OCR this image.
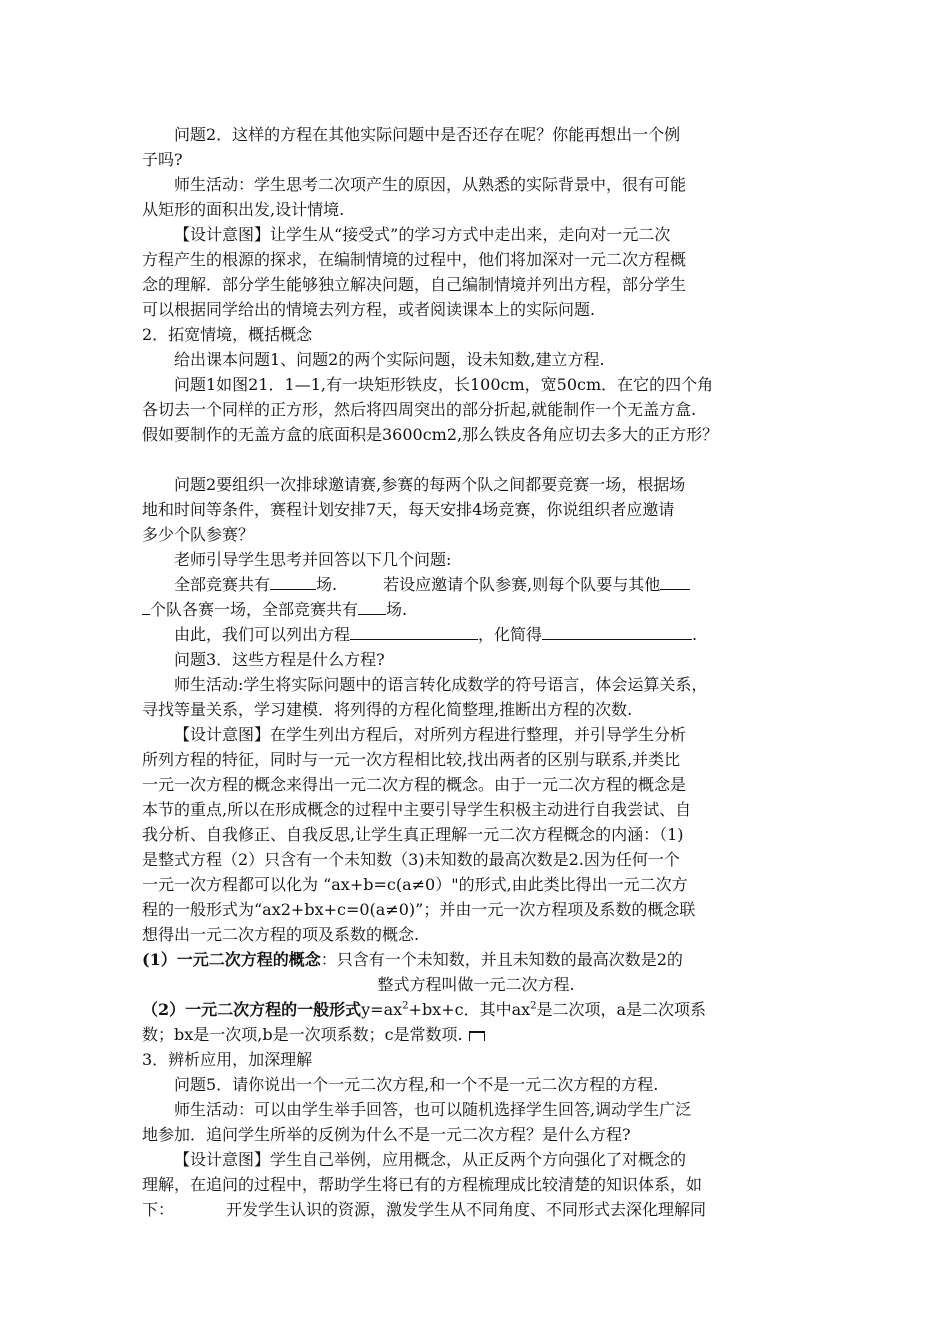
问题2．这样的方程在其他实际问题中是否还存在呢？你能再想出一个例
子吗?
师生活动：学生思考二次项产生的原因，从熟悉的实际背景中，很有可能
从矩形的面积出发,设计情境.
【设计意图】让学生从“接受式”的学习方式中走出来，走向对一元二次
方程产生的根源的探求，在编制情境的过程中，他们将加深对一元二次方程概
念的理解．部分学生能够独立解决问题，自己编制情境并列出方程，部分学生
可以根据同学给出的情境去列方程，或者阅读课本上的实际问题.
2．拓宽情境，概括概念
给出课本问题1、问题2的两个实际问题，设未知数,建立方程.
问题1如图21．1—1,有一块矩形铁皮，长100cm，宽50cm．在它的四个角
各切去一个同样的正方形，然后将四周突出的部分折起,就能制作一个无盖方盒.
假如要制作的无盖方盒的底面积是3600cm2,那么铁皮各角应切去多大的正方形？
问题2要组织一次排球邀请赛,参赛的每两个队之间都要竞赛一场，根据场
地和时间等条件，赛程计划安排7天，每天安排4场竞赛，你说组织者应邀请
多少个队参赛？
老师引导学生思考并回答以下几个问题:
全部竞赛共有	场.	若设应邀请个队参赛,则每个队要与其他
个队各赛一场，全部竞赛共有 场.
由此，我们可以列出方程	，化简得	.
问题3．这些方程是什么方程?
师生活动:学生将实际问题中的语言转化成数学的符号语言，体会运算关系，
寻找等量关系，学习建模．将列得的方程化简整理,推断出方程的次数.
【设计意图】在学生列出方程后，对所列方程进行整理，并引导学生分析
所列方程的特征，同时与一元一次方程相比较,找出两者的区别与联系,并类比
一元一次方程的概念来得出一元二次方程的概念。由于一元二次方程的概念是
本节的重点,所以在形成概念的过程中主要引导学生积极主动进行自我尝试、自
我分析、自我修正、自我反思,让学生真正理解一元二次方程概念的内涵：（1)
是整式方程（2）只含有一个未知数（3)未知数的最高次数是2.因为任何一个
一元一次方程都可以化为 “ax+b=c(a≠0）"的形式,由此类比得出一元二次方
程的一般形式为“ax2+bx+c=0(a≠0)”；并由一元一次方程项及系数的概念联
想得出一元二次方程的项及系数的概念.
(1）一元二次方程的概念：只含有一个未知数，并且未知数的最高次数是2的
整式方程叫做一元二次方程.
（2）一元二次方程的一般形式$y=ax^2+bx+c$．其中$ax^2$是二次项，a是二次项系
数；bx是一次项,b是一次项系数；c是常数项.
3．辨析应用，加深理解
问题5．请你说出一个一元二次方程,和一个不是一元二次方程的方程.
师生活动：可以由学生举手回答，也可以随机选择学生回答,调动学生广泛
地参加．追问学生所举的反例为什么不是一元二次方程？是什么方程?
【设计意图】学生自己举例，应用概念，从正反两个方向强化了对概念的
理解，在追问的过程中，帮助学生将已有的方程梳理成比较清楚的知识体系，如
下：	开发学生认识的资源，激发学生从不同角度、不同形式去深化理解同
